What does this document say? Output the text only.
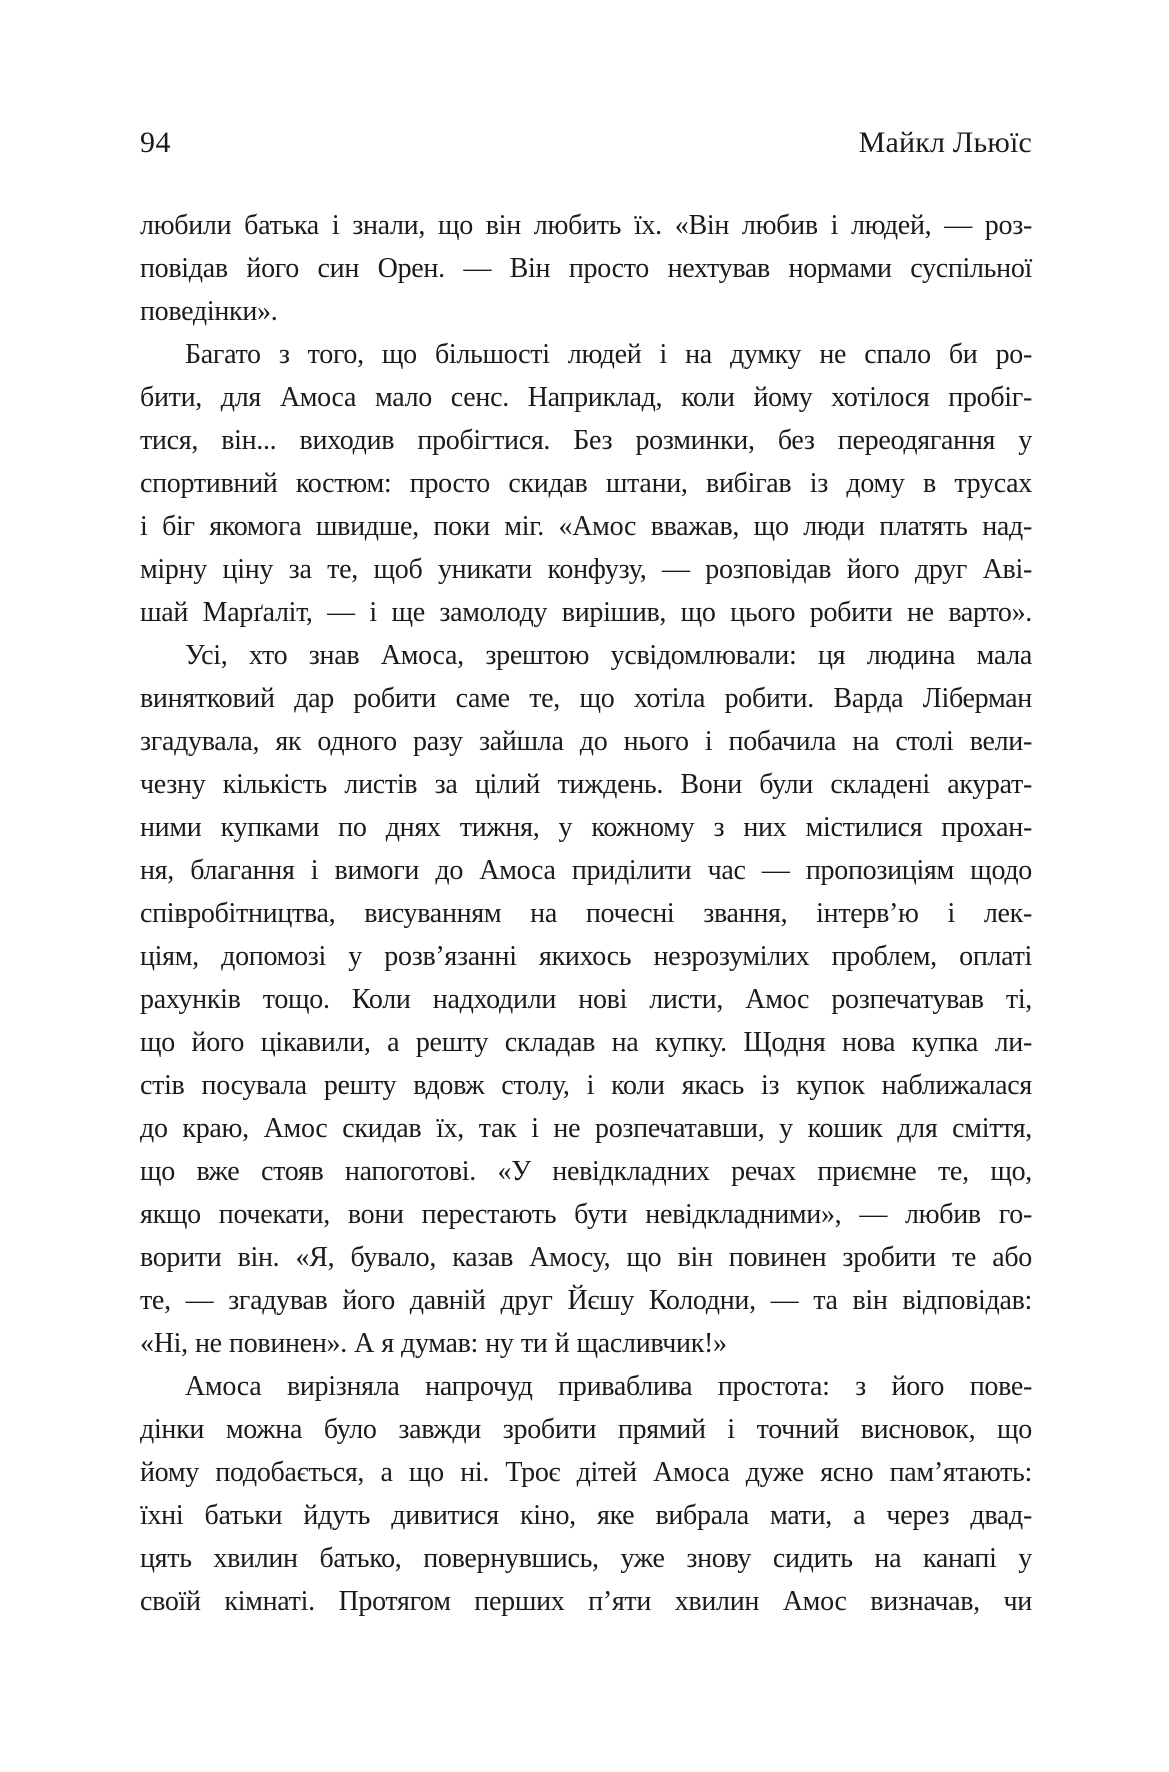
94	Майкл Льюїс
любили батька і знали, що він любить їх. «Він любив і людей, — роз-
повідав його син Орен. — Він просто нехтував нормами суспільної
поведінки».
Багато з того, що більшості людей і на думку не спало би ро-
бити, для Амоса мало сенс. Наприклад, коли йому хотілося пробіг-
тися, він... виходив пробігтися. Без розминки, без переодягання у
спортивний костюм: просто скидав штани, вибігав із дому в трусах
і біг якомога швидше, поки міг. «Амос вважав, що люди платять над-
мірну ціну за те, щоб уникати конфузу, — розповідав його друг Аві-
шай Марґаліт, — і ще замолоду вирішив, що цього робити не варто».
Усі, хто знав Амоса, зрештою усвідомлювали: ця людина мала
винятковий дар робити саме те, що хотіла робити. Варда Ліберман
згадувала, як одного разу зайшла до нього і побачила на столі вели-
чезну кількість листів за цілий тиждень. Вони були складені акурат-
ними купками по днях тижня, у кожному з них містилися прохан-
ня, благання і вимоги до Амоса приділити час — пропозиціям щодо
співробітництва, висуванням на почесні звання, інтерв’ю і лек-
ціям, допомозі у розв’язанні якихось незрозумілих проблем, оплаті
рахунків тощо. Коли надходили нові листи, Амос розпечатував ті,
що його цікавили, а решту складав на купку. Щодня нова купка ли-
стів посувала решту вдовж столу, і коли якась із купок наближалася
до краю, Амос скидав їх, так і не розпечатавши, у кошик для сміття,
що вже стояв напоготові. «У невідкладних речах приємне те, що,
якщо почекати, вони перестають бути невідкладними», — любив го-
ворити він. «Я, бувало, казав Амосу, що він повинен зробити те або
те, — згадував його давній друг Йєшу Колодни, — та він відповідав:
«Ні, не повинен». А я думав: ну ти й щасливчик!»
Амоса вирізняла напрочуд приваблива простота: з його пове-
дінки можна було завжди зробити прямий і точний висновок, що
йому подобається, а що ні. Троє дітей Амоса дуже ясно пам’ятають:
їхні батьки йдуть дивитися кіно, яке вибрала мати, а через двад-
цять хвилин батько, повернувшись, уже знову сидить на канапі у
своїй кімнаті. Протягом перших п’яти хвилин Амос визначав, чи
